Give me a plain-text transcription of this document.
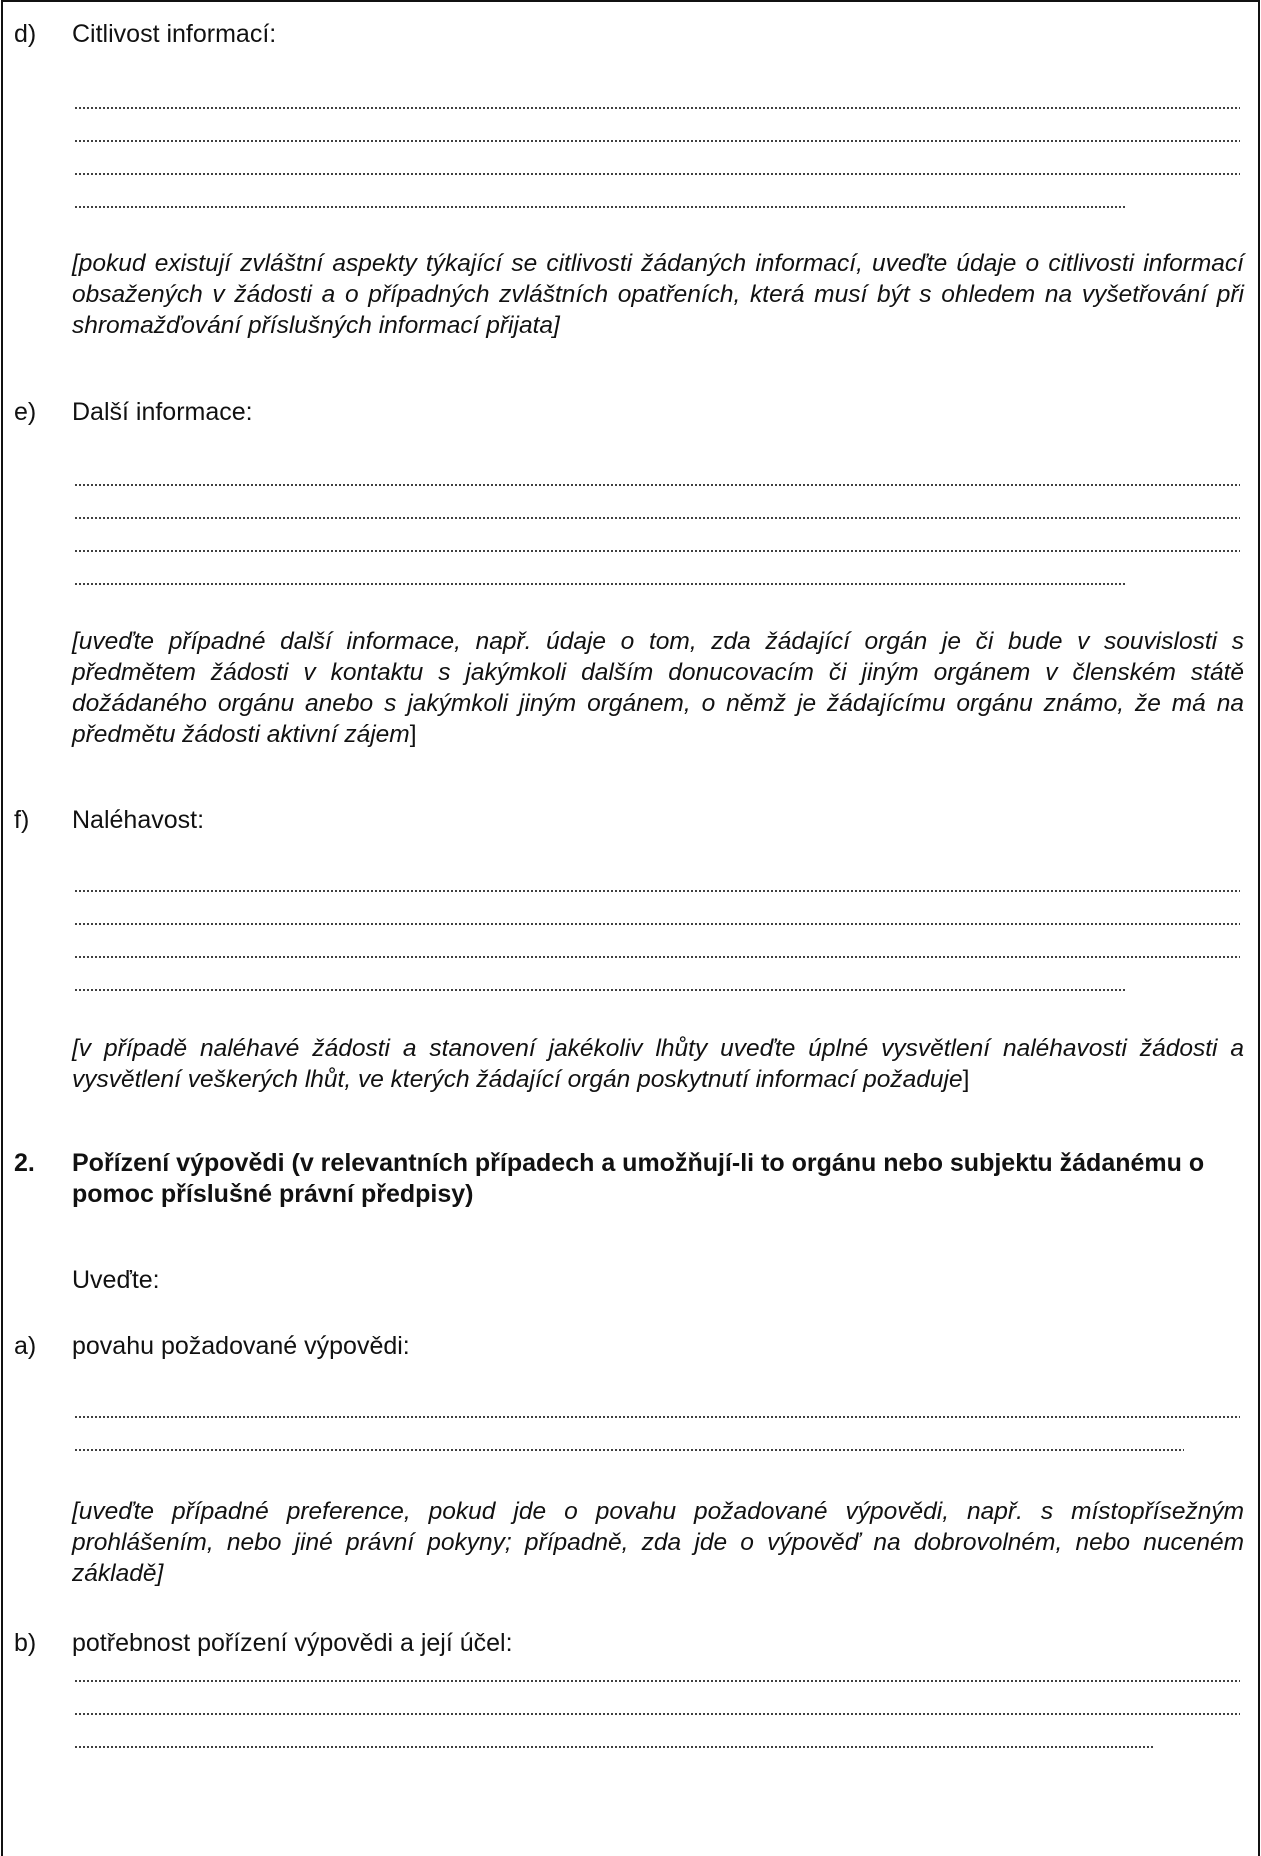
d) Citlivost informací:
[pokud existují zvláštní aspekty týkající se citlivosti žádaných informací, uveďte údaje o citlivosti informací obsažených v žádosti a o případných zvláštních opatřeních, která musí být s ohledem na vyšetřování při shromažďování příslušných informací přijata]
e) Další informace:
[uveďte případné další informace, např. údaje o tom, zda žádající orgán je či bude v souvislosti s předmětem žádosti v kontaktu s jakýmkoli dalším donucovacím či jiným orgánem v členském státě dožádaného orgánu anebo s jakýmkoli jiným orgánem, o němž je žádajícímu orgánu známo, že má na předmětu žádosti aktivní zájem]
f) Naléhavost:
[v případě naléhavé žádosti a stanovení jakékoliv lhůty uveďte úplné vysvětlení naléhavosti žádosti a vysvětlení veškerých lhůt, ve kterých žádající orgán poskytnutí informací požaduje]
2. Pořízení výpovědi (v relevantních případech a umožňují-li to orgánu nebo subjektu žádanému o pomoc příslušné právní předpisy)
Uveďte:
a) povahu požadované výpovědi:
[uveďte případné preference, pokud jde o povahu požadované výpovědi, např. s místopřísežným prohlášením, nebo jiné právní pokyny; případně, zda jde o výpověď na dobrovolném, nebo nuceném základě]
b) potřebnost pořízení výpovědi a její účel:
